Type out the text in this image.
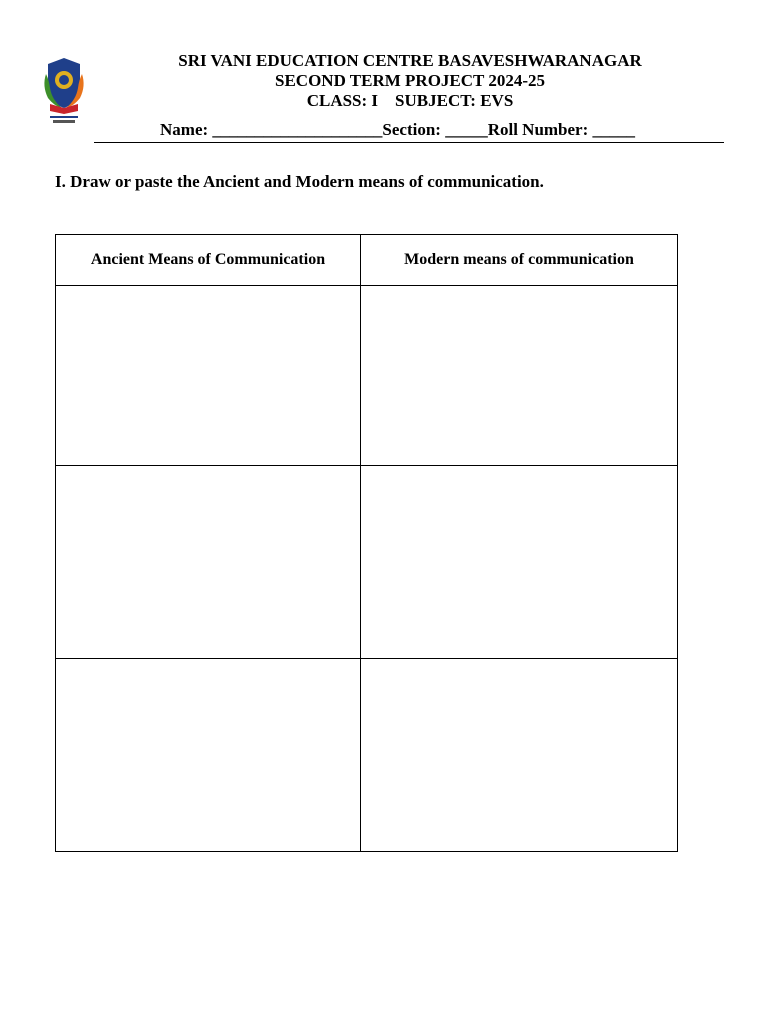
SRI VANI EDUCATION CENTRE BASAVESHWARANAGAR
SECOND TERM PROJECT 2024-25
CLASS: I    SUBJECT: EVS
Name: ____________________Section: _____Roll Number: _____
I. Draw or paste the Ancient and Modern means of communication.
Ancient Means of Communication	Modern means of communication
